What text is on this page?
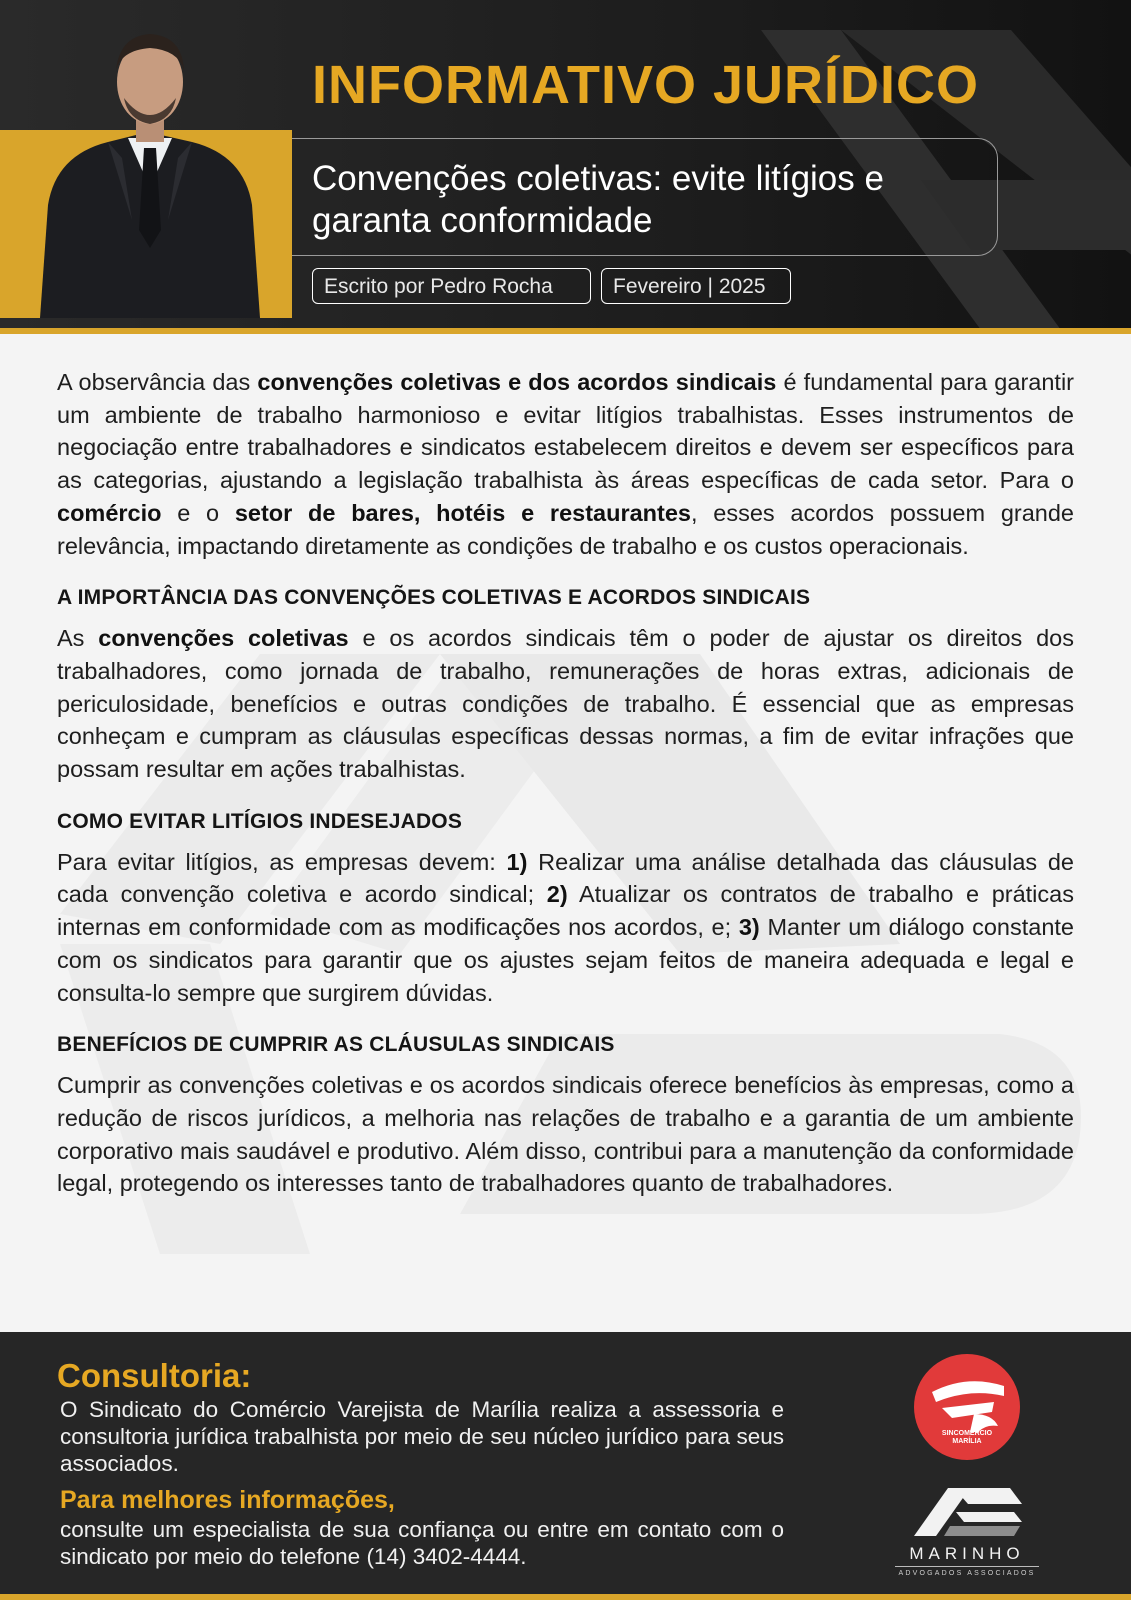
INFORMATIVO JURÍDICO
Convenções coletivas: evite litígios e garanta conformidade
Escrito por Pedro Rocha	Fevereiro | 2025

A observância das convenções coletivas e dos acordos sindicais é fundamental para garantir um ambiente de trabalho harmonioso e evitar litígios trabalhistas. Esses instrumentos de negociação entre trabalhadores e sindicatos estabelecem direitos e devem ser específicos para as categorias, ajustando a legislação trabalhista às áreas específicas de cada setor. Para o comércio e o setor de bares, hotéis e restaurantes, esses acordos possuem grande relevância, impactando diretamente as condições de trabalho e os custos operacionais.

A IMPORTÂNCIA DAS CONVENÇÕES COLETIVAS E ACORDOS SINDICAIS

As convenções coletivas e os acordos sindicais têm o poder de ajustar os direitos dos trabalhadores, como jornada de trabalho, remunerações de horas extras, adicionais de periculosidade, benefícios e outras condições de trabalho. É essencial que as empresas conheçam e cumpram as cláusulas específicas dessas normas, a fim de evitar infrações que possam resultar em ações trabalhistas.

COMO EVITAR LITÍGIOS INDESEJADOS

Para evitar litígios, as empresas devem: 1) Realizar uma análise detalhada das cláusulas de cada convenção coletiva e acordo sindical; 2) Atualizar os contratos de trabalho e práticas internas em conformidade com as modificações nos acordos, e; 3) Manter um diálogo constante com os sindicatos para garantir que os ajustes sejam feitos de maneira adequada e legal e consulta-lo sempre que surgirem dúvidas.

BENEFÍCIOS DE CUMPRIR AS CLÁUSULAS SINDICAIS

Cumprir as convenções coletivas e os acordos sindicais oferece benefícios às empresas, como a redução de riscos jurídicos, a melhoria nas relações de trabalho e a garantia de um ambiente corporativo mais saudável e produtivo. Além disso, contribui para a manutenção da conformidade legal, protegendo os interesses tanto de trabalhadores quanto de trabalhadores.

Consultoria:

O Sindicato do Comércio Varejista de Marília realiza a assessoria e consultoria jurídica trabalhista por meio de seu núcleo jurídico para seus associados.

Para melhores informações,

consulte um especialista de sua confiança ou entre em contato com o sindicato por meio do telefone (14) 3402-4444.

SINCOMÉRCIO
MARÍLIA
MARINHO
ADVOGADOS ASSOCIADOS
